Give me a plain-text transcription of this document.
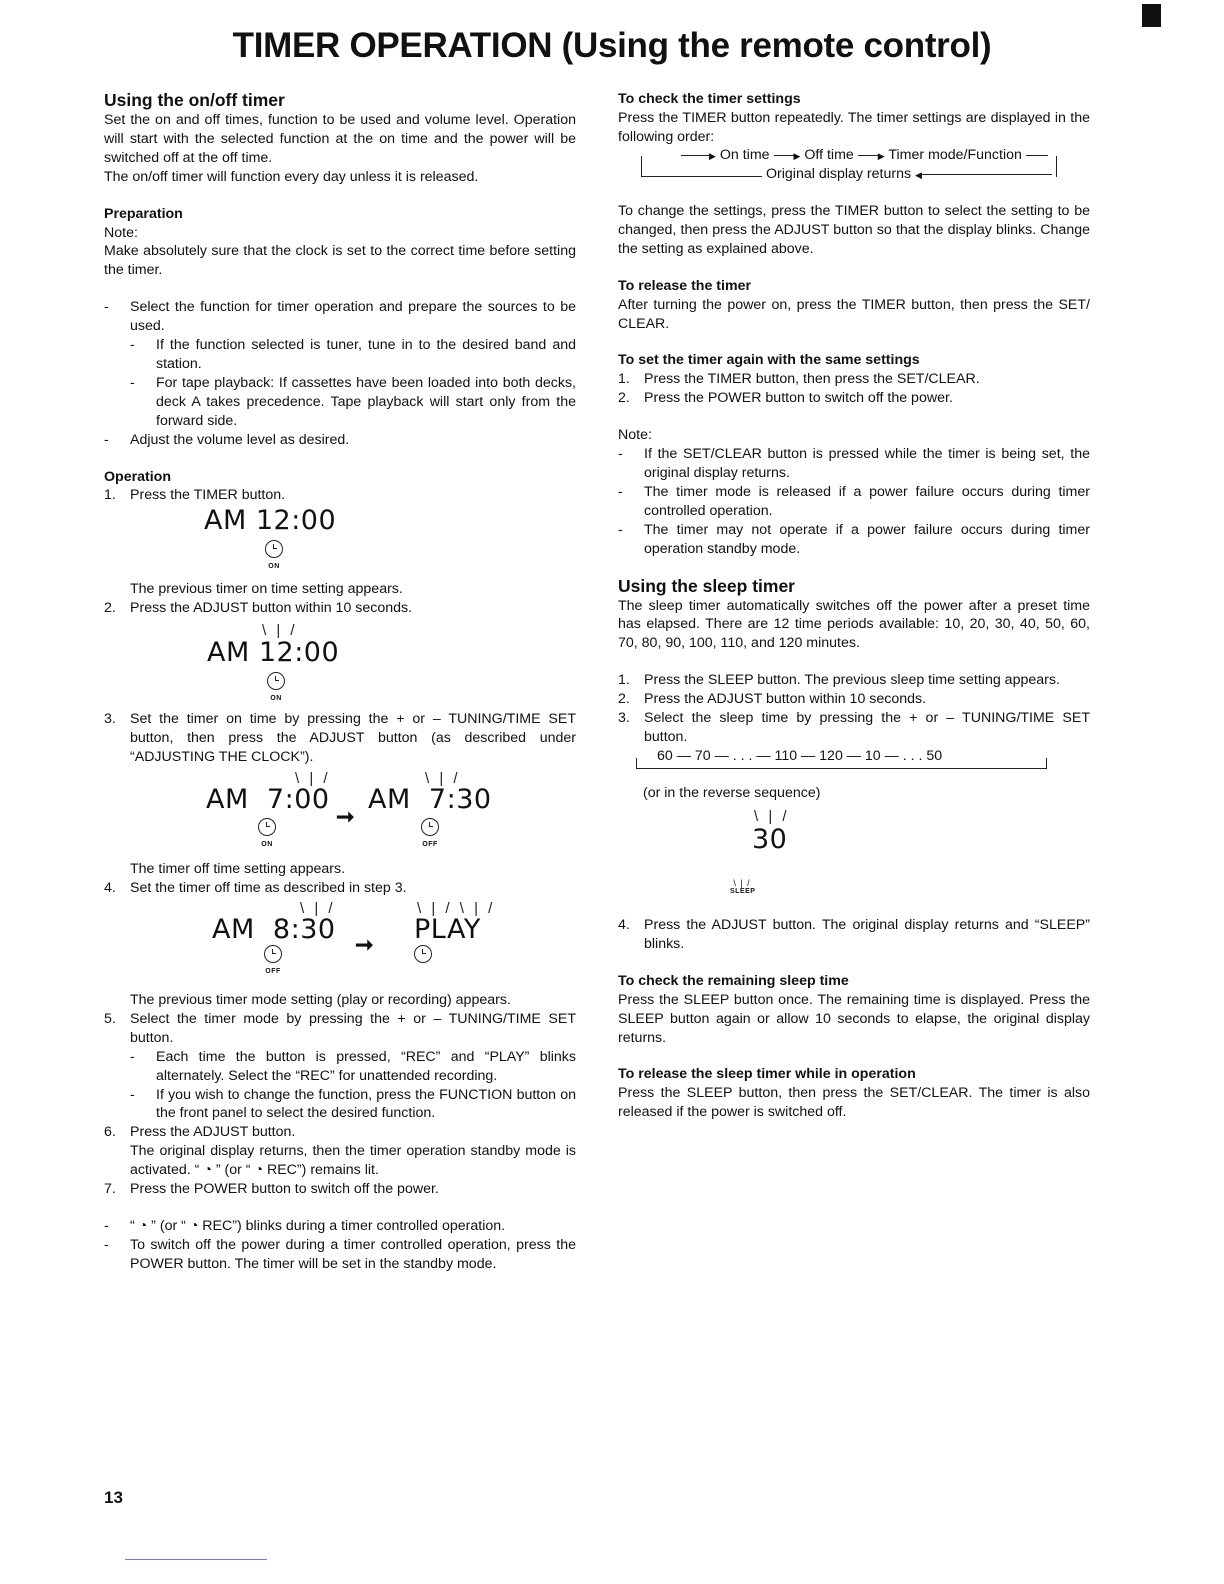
TIMER OPERATION (Using the remote control)
Using the on/off timer

Set the on and off times, function to be used and volume level. Operation will start with the selected function at the on time and the power will be switched off at the off time.

The on/off timer will function every day unless it is released.

Preparation
Note:

Make absolutely sure that the clock is set to the correct time before setting the timer.

-	Select the function for timer operation and prepare the sources to be used.
-	If the function selected is tuner, tune in to the desired band and station.
-	For tape playback: If cassettes have been loaded into both decks, deck A takes precedence. Tape playback will start only from the forward side.
-	Adjust the volume level as desired.
Operation
1. Press the TIMER button.
AM 12:00
ON
The previous timer on time setting appears.
2. Press the ADJUST button within 10 seconds.
\ | /
AM 12:00
ON
3. Set the timer on time by pressing the + or – TUNING/TIME SET button, then press the ADJUST button (as described under “ADJUSTING THE CLOCK”).
\ | /	\ | /
AM  7:00
➞
AM  7:30
ON	OFF
The timer off time setting appears.
4. Set the timer off time as described in step 3.
\ | /	\ | / \ | /
AM  8:30 ➞ PLAY
OFF
The previous timer mode setting (play or recording) appears.
5. Select the timer mode by pressing the + or – TUNING/TIME SET button.
-	Each time the button is pressed, “REC” and “PLAY” blinks alternately. Select the “REC” for unattended recording.
-	If you wish to change the function, press the FUNCTION button on the front panel to select the desired function.
6. Press the ADJUST button.
The original display returns, then the timer operation standby mode is activated. “ ◔ ” (or “ ◔ REC”) remains lit.
7. Press the POWER button to switch off the power.
-	“ ◔ ” (or “ ◔ REC”) blinks during a timer controlled operation.
-	To switch off the power during a timer controlled operation, press the POWER button. The timer will be set in the standby mode.
To check the timer settings

Press the TIMER button repeatedly. The timer settings are displayed in the following order:

▶ On time	▶ Off time	▶ Timer mode/Function
Original display returns ◀

To change the settings, press the TIMER button to select the setting to be changed, then press the ADJUST button so that the display blinks. Change the setting as explained above.

To release the timer

After turning the power on, press the TIMER button, then press the SET/ CLEAR.

To set the timer again with the same settings
1. Press the TIMER button, then press the SET/CLEAR.
2. Press the POWER button to switch off the power.
Note:
-	If the SET/CLEAR button is pressed while the timer is being set, the original display returns.
-	The timer mode is released if a power failure occurs during timer controlled operation.
-	The timer may not operate if a power failure occurs during timer operation standby mode.
Using the sleep timer

The sleep timer automatically switches off the power after a preset time has elapsed. There are 12 time periods available: 10, 20, 30, 40, 50, 60, 70, 80, 90, 100, 110, and 120 minutes.

1. Press the SLEEP button. The previous sleep time setting appears.
2. Press the ADJUST button within 10 seconds.
3. Select the sleep time by pressing the + or – TUNING/TIME SET button.
60 — 70 — . . . — 110 — 120 — 10 — . . . 50
(or in the reverse sequence)
\ | /
30
\ | /
SLEEP
4. Press the ADJUST button. The original display returns and “SLEEP” blinks.
To check the remaining sleep time

Press the SLEEP button once. The remaining time is displayed. Press the SLEEP button again or allow 10 seconds to elapse, the original display returns.

To release the sleep timer while in operation

Press the SLEEP button, then press the SET/CLEAR. The timer is also released if the power is switched off.

13
